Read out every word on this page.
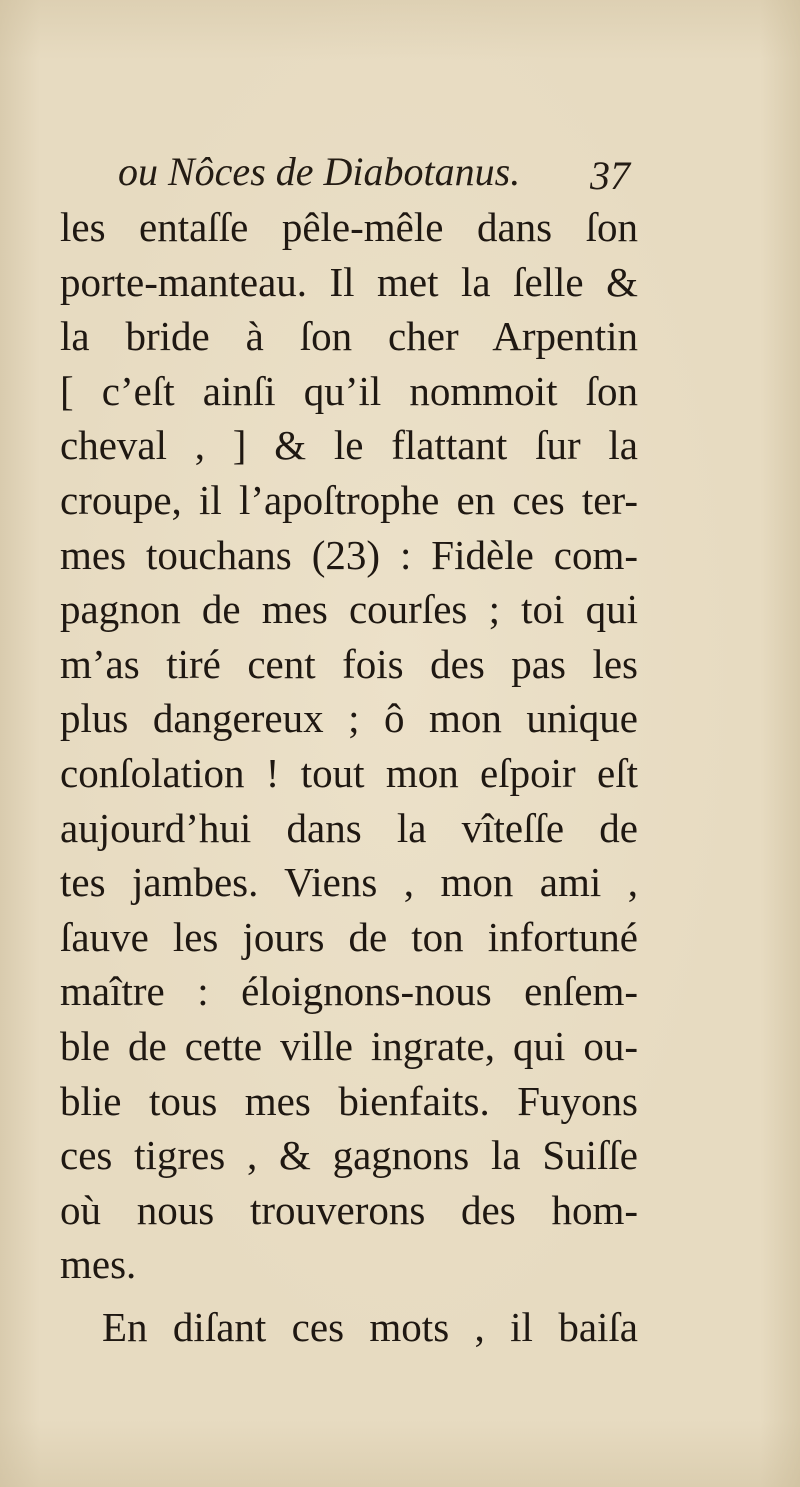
ou Nôces de Diabotanus. 37
les entaſſe pêle-mêle dans ſon
porte-manteau. Il met la ſelle &
la bride à ſon cher Arpentin
[ c’eſt ainſi qu’il nommoit ſon
cheval , ] & le flattant ſur la
croupe, il l’apoſtrophe en ces ter-
mes touchans (23) : Fidèle com-
pagnon de mes courſes ; toi qui
m’as tiré cent fois des pas les
plus dangereux ; ô mon unique
conſolation ! tout mon eſpoir eſt
aujourd’hui dans la vîteſſe de
tes jambes. Viens , mon ami ,
ſauve les jours de ton infortuné
maître : éloignons-nous enſem-
ble de cette ville ingrate, qui ou-
blie tous mes bienfaits. Fuyons
ces tigres , & gagnons la Suiſſe
où nous trouverons des hom-
mes.
En diſant ces mots , il baiſa
